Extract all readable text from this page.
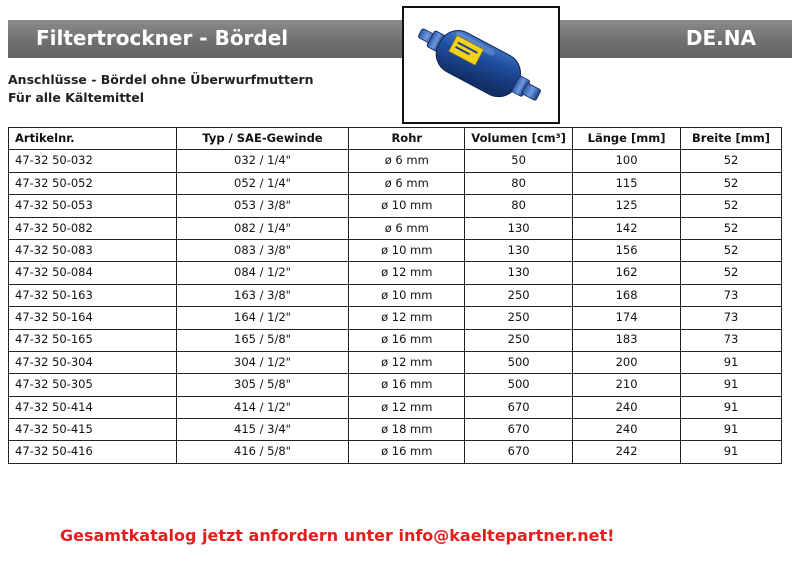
Filtertrockner - Bördel	DE.NA
Anschlüsse - Bördel ohne Überwurfmuttern
Für alle Kältemittel
Artikelnr.	Typ / SAE-Gewinde	Rohr	Volumen [cm³]	Länge [mm]	Breite [mm]
47-32 50-032	032 / 1/4"	ø 6 mm	50	100	52
47-32 50-052	052 / 1/4"	ø 6 mm	80	115	52
47-32 50-053	053 / 3/8"	ø 10 mm	80	125	52
47-32 50-082	082 / 1/4"	ø 6 mm	130	142	52
47-32 50-083	083 / 3/8"	ø 10 mm	130	156	52
47-32 50-084	084 / 1/2"	ø 12 mm	130	162	52
47-32 50-163	163 / 3/8"	ø 10 mm	250	168	73
47-32 50-164	164 / 1/2"	ø 12 mm	250	174	73
47-32 50-165	165 / 5/8"	ø 16 mm	250	183	73
47-32 50-304	304 / 1/2"	ø 12 mm	500	200	91
47-32 50-305	305 / 5/8"	ø 16 mm	500	210	91
47-32 50-414	414 / 1/2"	ø 12 mm	670	240	91
47-32 50-415	415 / 3/4"	ø 18 mm	670	240	91
47-32 50-416	416 / 5/8"	ø 16 mm	670	242	91
Gesamtkatalog jetzt anfordern unter info@kaeltepartner.net!
